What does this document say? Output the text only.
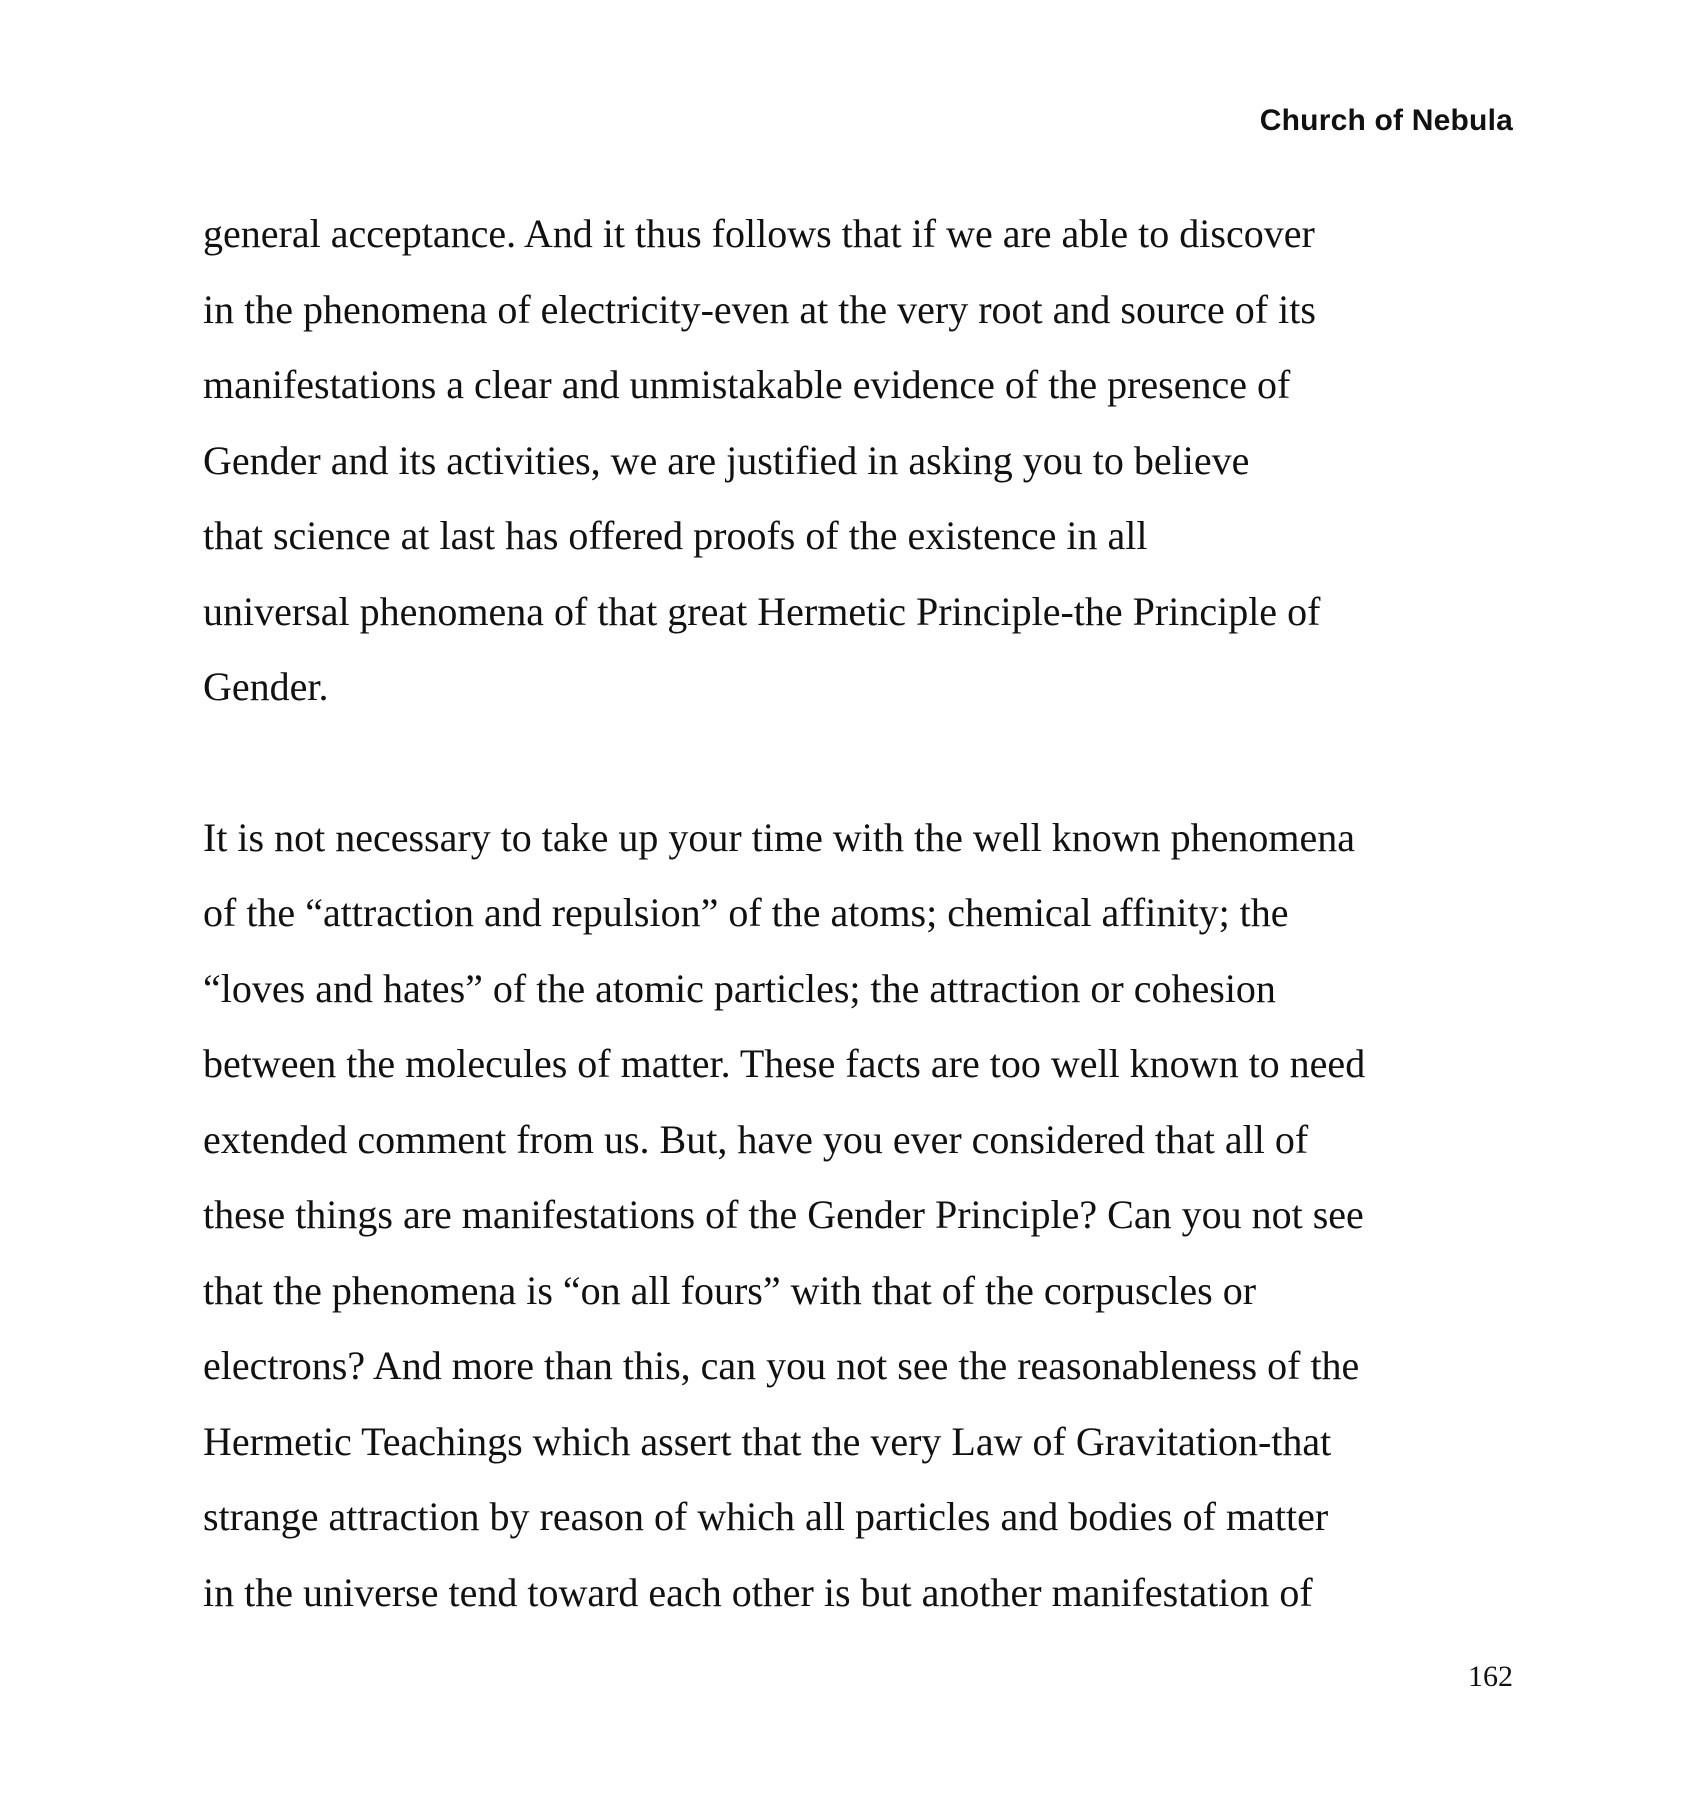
Church of Nebula

general acceptance. And it thus follows that if we are able to discover
in the phenomena of electricity-even at the very root and source of its
manifestations a clear and unmistakable evidence of the presence of
Gender and its activities, we are justified in asking you to believe
that science at last has offered proofs of the existence in all
universal phenomena of that great Hermetic Principle-the Principle of
Gender.

It is not necessary to take up your time with the well known phenomena
of the “attraction and repulsion” of the atoms; chemical affinity; the
“loves and hates” of the atomic particles; the attraction or cohesion
between the molecules of matter. These facts are too well known to need
extended comment from us. But, have you ever considered that all of
these things are manifestations of the Gender Principle? Can you not see
that the phenomena is “on all fours” with that of the corpuscles or
electrons? And more than this, can you not see the reasonableness of the
Hermetic Teachings which assert that the very Law of Gravitation-that
strange attraction by reason of which all particles and bodies of matter
in the universe tend toward each other is but another manifestation of

162
